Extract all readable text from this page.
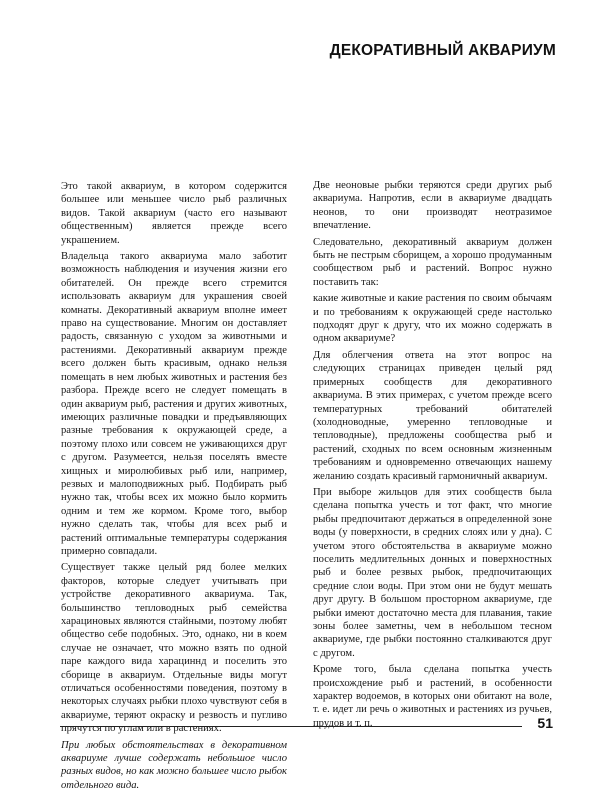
ДЕКОРАТИВНЫЙ АКВАРИУМ

Это такой аквариум, в котором содержится большее или меньшее число рыб различных видов. Такой аквариум (часто его называют общественным) является прежде всего украшением.

Владельца такого аквариума мало заботит возможность наблюдения и изучения жизни его обитателей. Он прежде всего стремится использовать аквариум для украшения своей комнаты. Декоративный аквариум вполне имеет право на существование. Многим он доставляет радость, связанную с уходом за животными и растениями. Декоративный аквариум прежде всего должен быть красивым, однако нельзя помещать в нем любых животных и растения без разбора. Прежде всего не следует помещать в один аквариум рыб, растения и других животных, имеющих различные повадки и предъявляющих разные требования к окружающей среде, а поэтому плохо или совсем не уживающихся друг с другом. Разумеется, нельзя поселять вместе хищных и миролюбивых рыб или, например, резвых и малоподвижных рыб. Подбирать рыб нужно так, чтобы всех их можно было кормить одним и тем же кормом. Кроме того, выбор нужно сделать так, чтобы для всех рыб и растений оптимальные температуры содержания примерно совпадали.

Существует также целый ряд более мелких факторов, которые следует учитывать при устройстве декоративного аквариума. Так, большинство тепловодных рыб семейства харациновых являются стайными, поэтому любят общество себе подобных. Это, однако, ни в коем случае не означает, что можно взять по одной паре каждого вида харациннд и поселить это сборище в аквариум. Отдельные виды могут отличаться особенностями поведения, поэтому в некоторых случаях рыбки плохо чувствуют себя в аквариуме, теряют окраску и резвость и пугливо прячутся по углам или в растениях.

При любых обстоятельствах в декоративном аквариуме лучше содержать небольшое число разных видов, но как можно большее число рыбок отдельного вида.

Две неоновые рыбки теряются среди других рыб аквариума. Напротив, если в аквариуме двадцать неонов, то они производят неотразимое впечатление.

Следовательно, декоративный аквариум должен быть не пестрым сборищем, а хорошо продуманным сообществом рыб и растений. Вопрос нужно поставить так:

какие животные и какие растения по своим обычаям и по требованиям к окружающей среде настолько подходят друг к другу, что их можно содержать в одном аквариуме?

Для облегчения ответа на этот вопрос на следующих страницах приведен целый ряд примерных сообществ для декоративного аквариума. В этих примерах, с учетом прежде всего температурных требований обитателей (холодноводные, умеренно тепловодные и тепловодные), предложены сообщества рыб и растений, сходных по всем основным жизненным требованиям и одновременно отвечающих нашему желанию создать красивый гармоничный аквариум.

При выборе жильцов для этих сообществ была сделана попытка учесть и тот факт, что многие рыбы предпочитают держаться в определенной зоне воды (у поверхности, в средних слоях или у дна). С учетом этого обстоятельства в аквариуме можно поселить медлительных донных и поверхностных рыб и более резвых рыбок, предпочитающих средние слои воды. При этом они не будут мешать друг другу. В большом просторном аквариуме, где рыбки имеют достаточно места для плавания, такие зоны более заметны, чем в небольшом тесном аквариуме, где рыбки постоянно сталкиваются друг с другом.

Кроме того, была сделана попытка учесть происхождение рыб и растений, в особенности характер водоемов, в которых они обитают на воле, т. е. идет ли речь о животных и растениях из ручьев, прудов и т. п.	51
